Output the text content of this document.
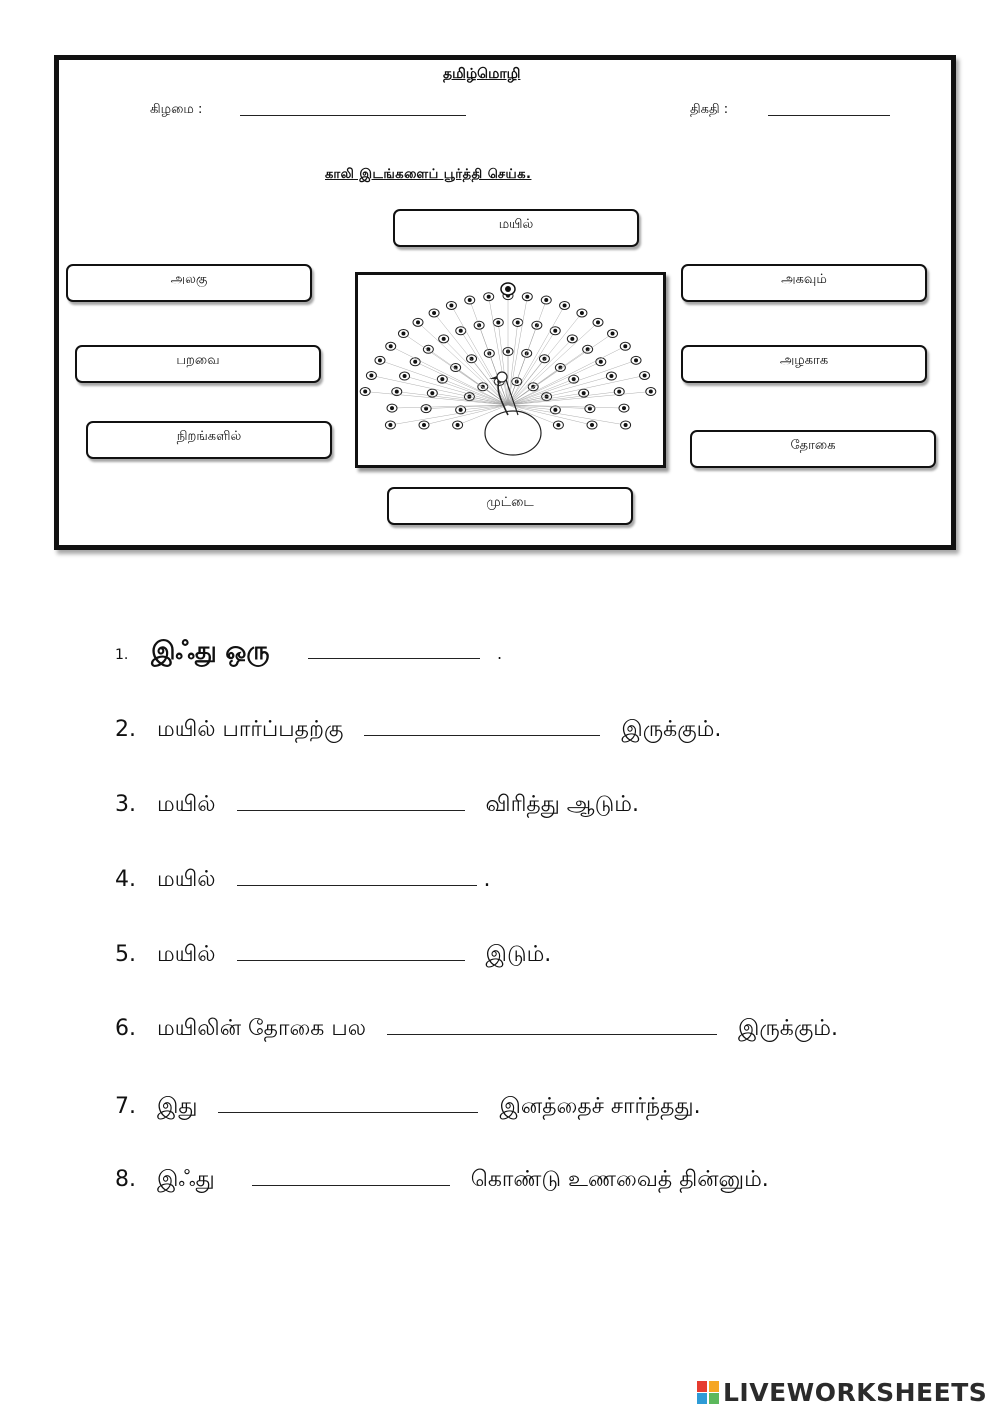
தமிழ்மொழி
கிழமை :	திகதி :
காலி இடங்களைப் பூர்த்தி செய்க.
மயில்
அலகு	அகவும்
பறவை	அழகாக
நிறங்களில்
தோகை
முட்டை
1. இஃது ஒரு	.
2. மயில் பார்ப்பதற்கு	இருக்கும்.
3. மயில்	விரித்து ஆடும்.
4. மயில்	.
5. மயில்	இடும்.
6. மயிலின் தோகை பல	இருக்கும்.
7. இது	இனத்தைச் சார்ந்தது.
8. இஃது	கொண்டு உணவைத் தின்னும்.
LIVEWORKSHEETS
